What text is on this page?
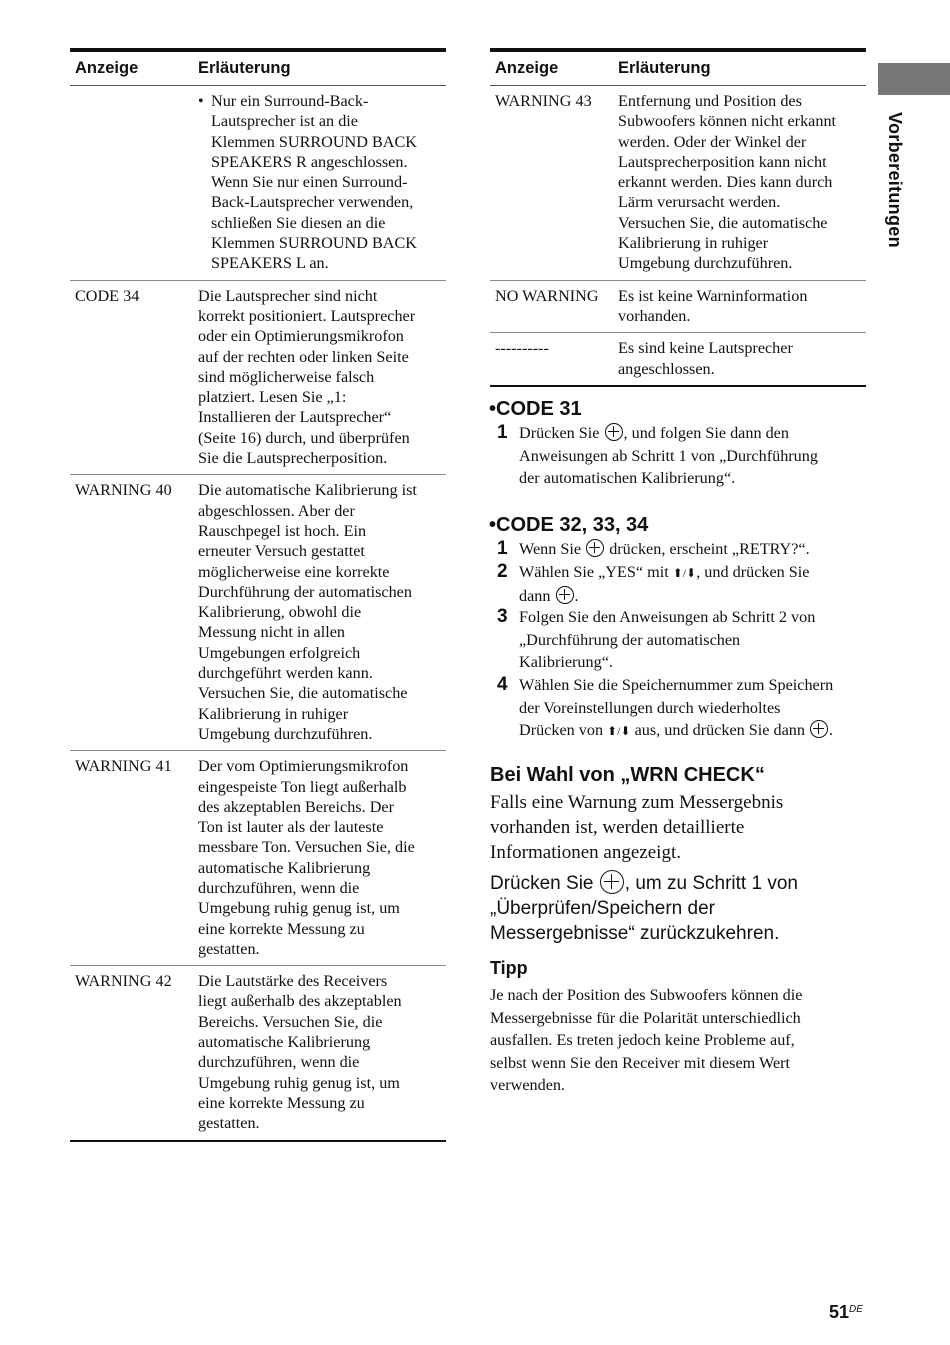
Vorbereitungen
Anzeige	Erläuterung
• Nur ein Surround-Back-
Lautsprecher ist an die
Klemmen SURROUND BACK
SPEAKERS R angeschlossen.
Wenn Sie nur einen Surround-
Back-Lautsprecher verwenden,
schließen Sie diesen an die
Klemmen SURROUND BACK
SPEAKERS L an.
CODE 34	Die Lautsprecher sind nicht
korrekt positioniert. Lautsprecher
oder ein Optimierungsmikrofon
auf der rechten oder linken Seite
sind möglicherweise falsch
platziert. Lesen Sie „1:
Installieren der Lautsprecher“
(Seite 16) durch, und überprüfen
Sie die Lautsprecherposition.
WARNING 40	Die automatische Kalibrierung ist
abgeschlossen. Aber der
Rauschpegel ist hoch. Ein
erneuter Versuch gestattet
möglicherweise eine korrekte
Durchführung der automatischen
Kalibrierung, obwohl die
Messung nicht in allen
Umgebungen erfolgreich
durchgeführt werden kann.
Versuchen Sie, die automatische
Kalibrierung in ruhiger
Umgebung durchzuführen.
WARNING 41	Der vom Optimierungsmikrofon
eingespeiste Ton liegt außerhalb
des akzeptablen Bereichs. Der
Ton ist lauter als der lauteste
messbare Ton. Versuchen Sie, die
automatische Kalibrierung
durchzuführen, wenn die
Umgebung ruhig genug ist, um
eine korrekte Messung zu
gestatten.
WARNING 42	Die Lautstärke des Receivers
liegt außerhalb des akzeptablen
Bereichs. Versuchen Sie, die
automatische Kalibrierung
durchzuführen, wenn die
Umgebung ruhig genug ist, um
eine korrekte Messung zu
gestatten.
Anzeige	Erläuterung
WARNING 43	Entfernung und Position des
Subwoofers können nicht erkannt
werden. Oder der Winkel der
Lautsprecherposition kann nicht
erkannt werden. Dies kann durch
Lärm verursacht werden.
Versuchen Sie, die automatische
Kalibrierung in ruhiger
Umgebung durchzuführen.
NO WARNING	Es ist keine Warninformation
vorhanden.
----------	Es sind keine Lautsprecher
angeschlossen.
•CODE 31
1 Drücken Sie , und folgen Sie dann den
Anweisungen ab Schritt 1 von „Durchführung
der automatischen Kalibrierung“.
•CODE 32, 33, 34
1 Wenn Sie  drücken, erscheint „RETRY?“.
2 Wählen Sie „YES“ mit ⬆/⬇, und drücken Sie
dann .
3 Folgen Sie den Anweisungen ab Schritt 2 von
„Durchführung der automatischen
Kalibrierung“.
4 Wählen Sie die Speichernummer zum Speichern
der Voreinstellungen durch wiederholtes
Drücken von ⬆/⬇ aus, und drücken Sie dann .
Bei Wahl von „WRN CHECK“
Falls eine Warnung zum Messergebnis
vorhanden ist, werden detaillierte
Informationen angezeigt.
Drücken Sie , um zu Schritt 1 von
„Überprüfen/Speichern der
Messergebnisse“ zurückzukehren.
Tipp
Je nach der Position des Subwoofers können die
Messergebnisse für die Polarität unterschiedlich
ausfallen. Es treten jedoch keine Probleme auf,
selbst wenn Sie den Receiver mit diesem Wert
verwenden.
51DE
